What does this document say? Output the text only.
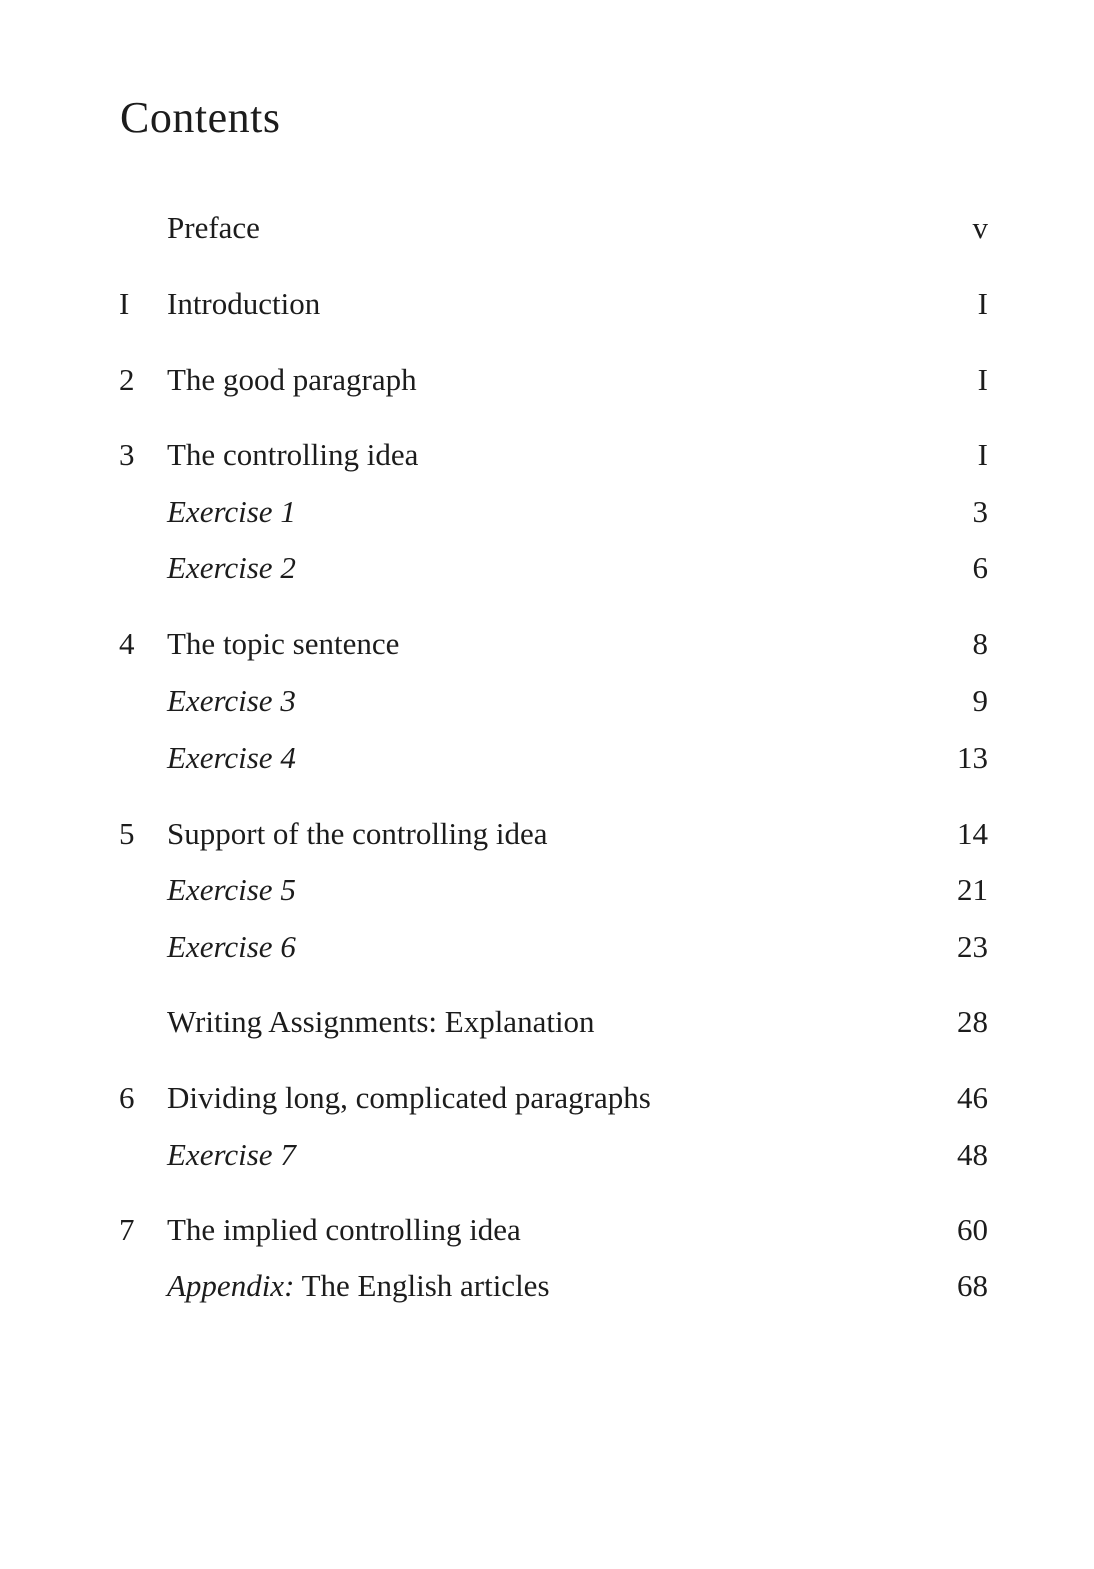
Contents
Preface	v
I	Introduction	I
2 The good paragraph	I
3 The controlling idea	I
Exercise 1	3
Exercise 2	6
4 The topic sentence	8
Exercise 3	9
Exercise 4	13
5 Support of the controlling idea	14
Exercise 5	21
Exercise 6	23
Writing Assignments: Explanation	28
6 Dividing long, complicated paragraphs	46
Exercise 7	48
7 The implied controlling idea	60
Appendix: The English articles	68
